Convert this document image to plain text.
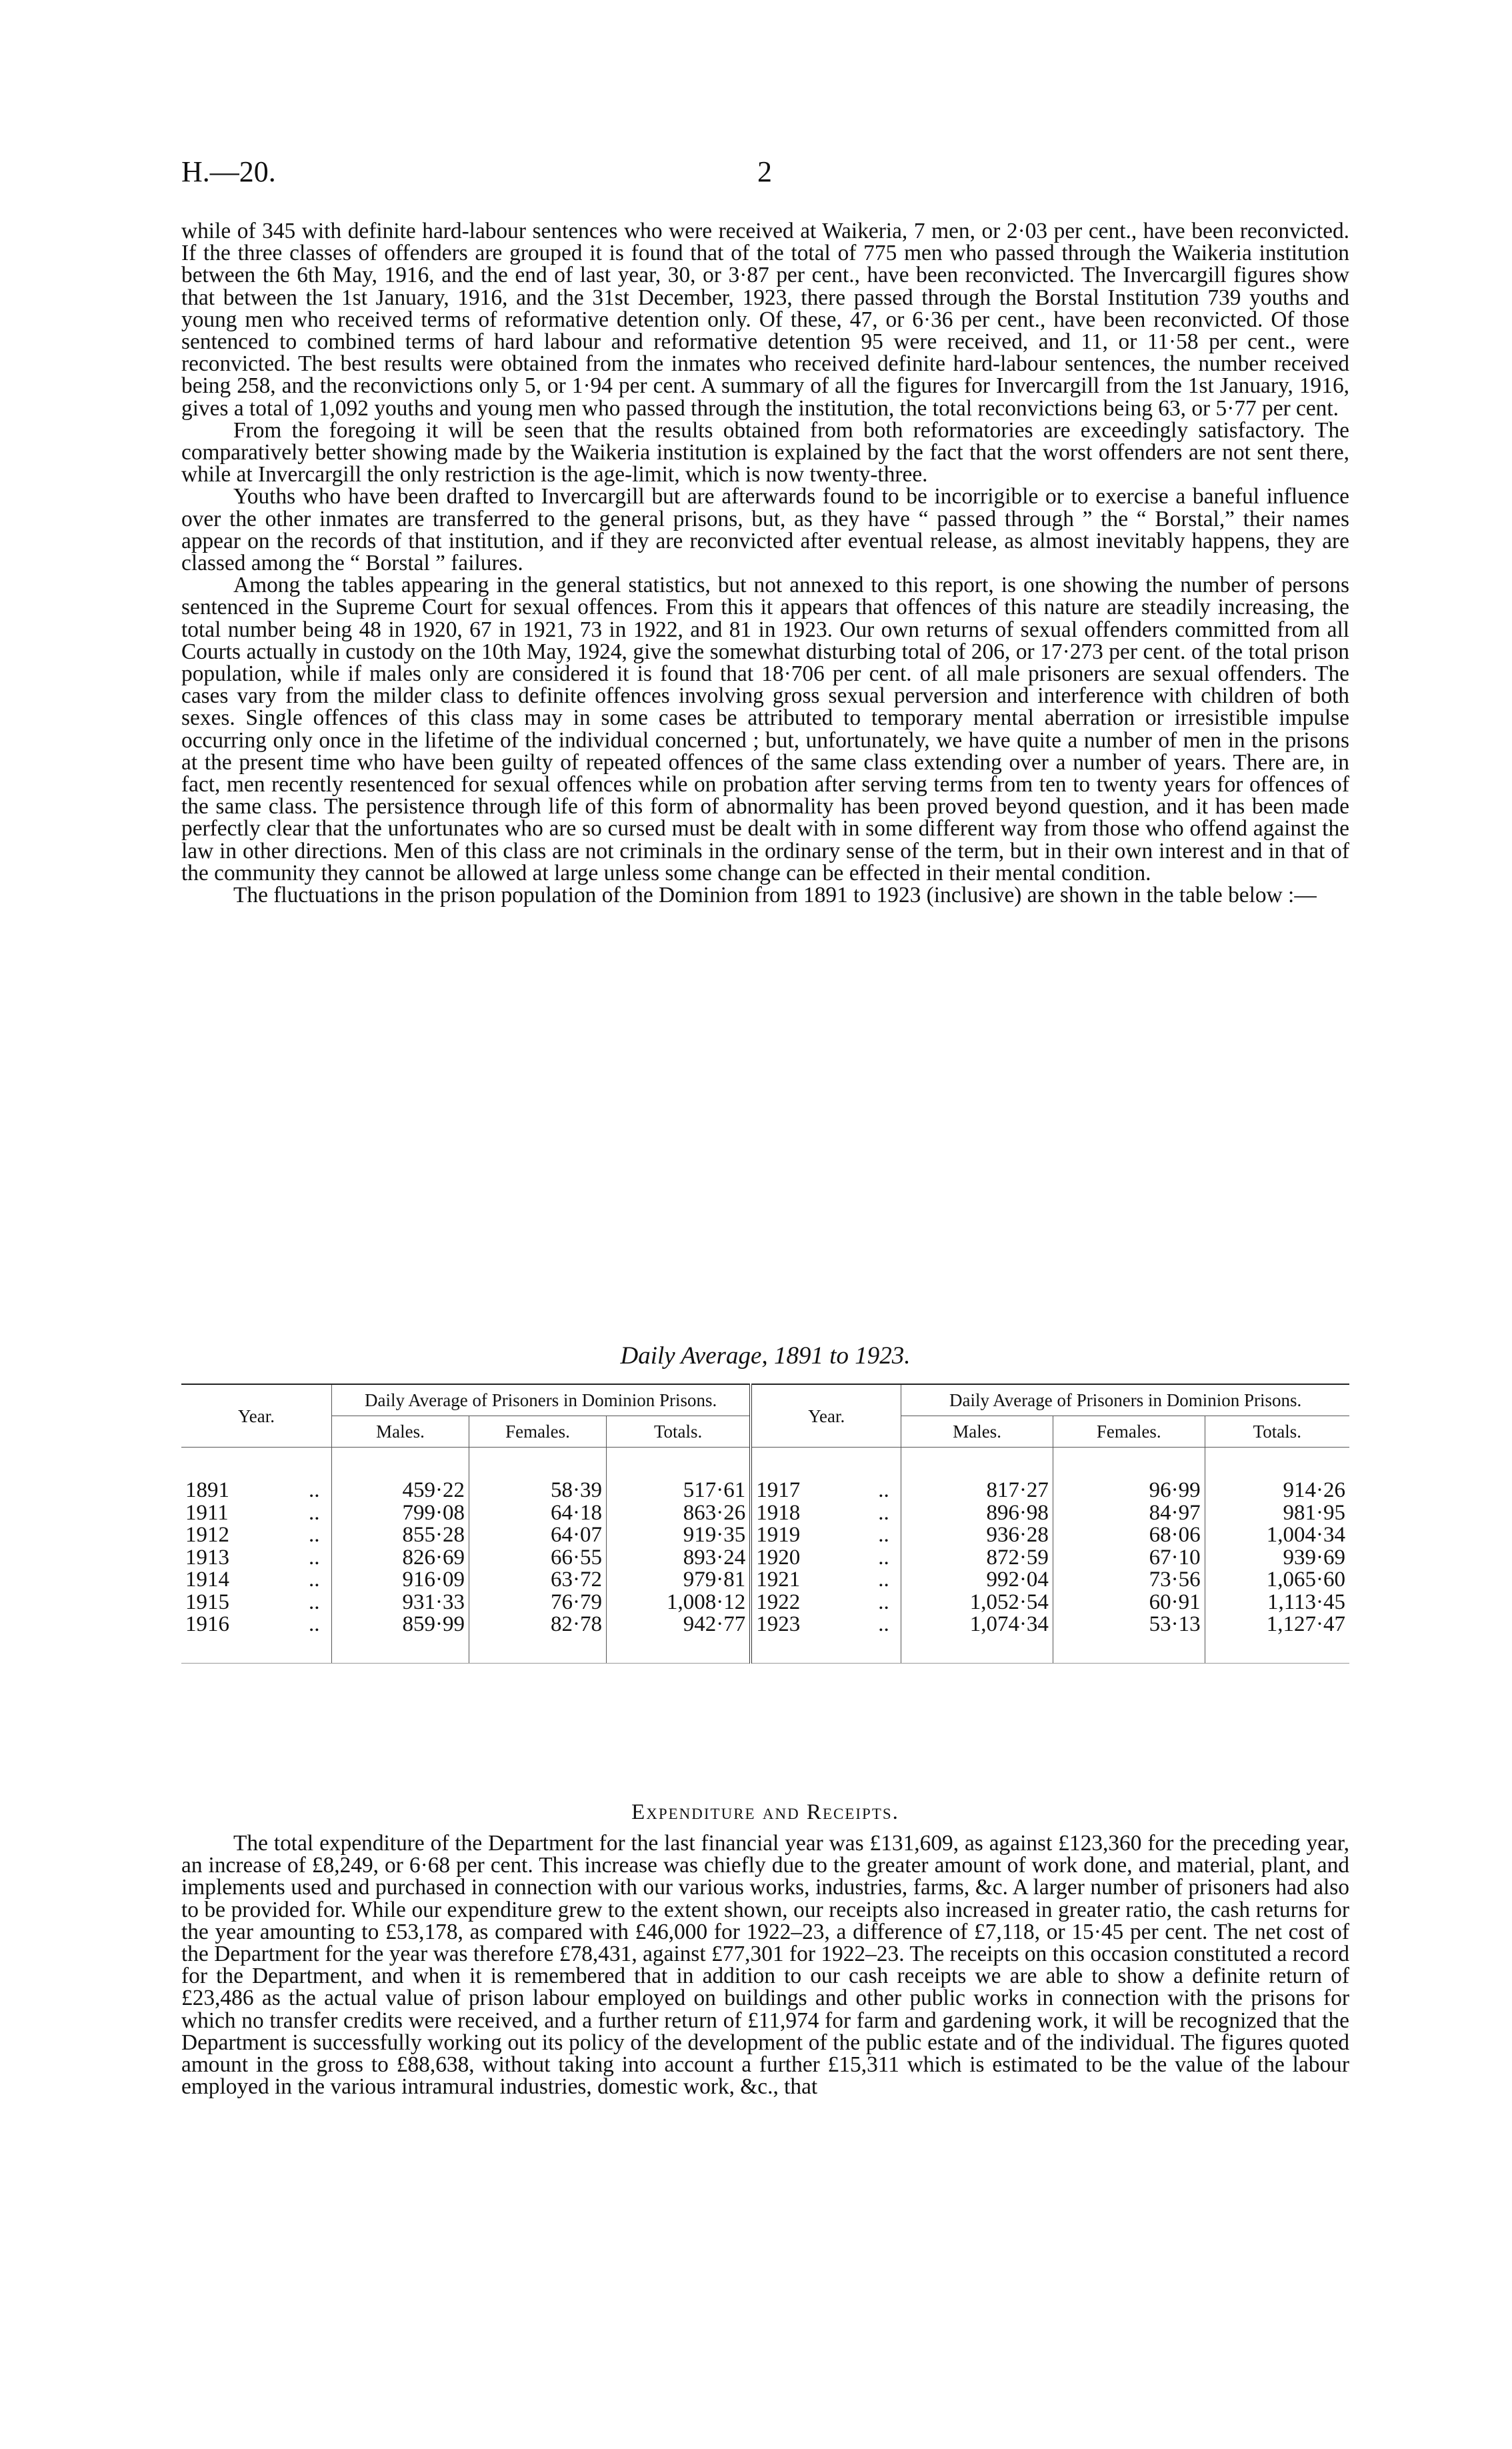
H.—20.	2

while of 345 with definite hard-labour sentences who were received at Waikeria, 7 men, or 2·03 per cent., have been reconvicted. If the three classes of offenders are grouped it is found that of the total of 775 men who passed through the Waikeria institution between the 6th May, 1916, and the end of last year, 30, or 3·87 per cent., have been reconvicted. The Invercargill figures show that between the 1st January, 1916, and the 31st December, 1923, there passed through the Borstal Institution 739 youths and young men who received terms of reformative detention only. Of these, 47, or 6·36 per cent., have been reconvicted. Of those sentenced to combined terms of hard labour and reformative detention 95 were received, and 11, or 11·58 per cent., were reconvicted. The best results were obtained from the inmates who received definite hard-labour sentences, the number received being 258, and the reconvictions only 5, or 1·94 per cent. A summary of all the figures for Invercargill from the 1st January, 1916, gives a total of 1,092 youths and young men who passed through the institution, the total reconvictions being 63, or 5·77 per cent.

From the foregoing it will be seen that the results obtained from both reformatories are exceedingly satisfactory. The comparatively better showing made by the Waikeria institution is explained by the fact that the worst offenders are not sent there, while at Invercargill the only restriction is the age-limit, which is now twenty-three.

Youths who have been drafted to Invercargill but are afterwards found to be incorrigible or to exercise a baneful influence over the other inmates are transferred to the general prisons, but, as they have “ passed through ” the “ Borstal,” their names appear on the records of that institution, and if they are reconvicted after eventual release, as almost inevitably happens, they are classed among the “ Borstal ” failures.

Among the tables appearing in the general statistics, but not annexed to this report, is one showing the number of persons sentenced in the Supreme Court for sexual offences. From this it appears that offences of this nature are steadily increasing, the total number being 48 in 1920, 67 in 1921, 73 in 1922, and 81 in 1923. Our own returns of sexual offenders committed from all Courts actually in custody on the 10th May, 1924, give the somewhat disturbing total of 206, or 17·273 per cent. of the total prison population, while if males only are considered it is found that 18·706 per cent. of all male prisoners are sexual offenders. The cases vary from the milder class to definite offences involving gross sexual perversion and interference with children of both sexes. Single offences of this class may in some cases be attributed to temporary mental aberration or irresistible impulse occurring only once in the lifetime of the individual concerned ; but, unfortunately, we have quite a number of men in the prisons at the present time who have been guilty of repeated offences of the same class extending over a number of years. There are, in fact, men recently resentenced for sexual offences while on probation after serving terms from ten to twenty years for offences of the same class. The persistence through life of this form of abnormality has been proved beyond question, and it has been made perfectly clear that the unfortunates who are so cursed must be dealt with in some different way from those who offend against the law in other directions. Men of this class are not criminals in the ordinary sense of the term, but in their own interest and in that of the community they cannot be allowed at large unless some change can be effected in their mental condition.

The fluctuations in the prison population of the Dominion from 1891 to 1923 (inclusive) are shown in the table below :—

Daily Average, 1891 to 1923.
Year.		Daily Average of Prisoners in Dominion Prisons.			Year.		Daily Average of Prisoners in Dominion Prisons.		
		Males.	Females.	Totals.			Males.	Females.	Totals.

1891	..	459·22	58·39	517·61	1917	..	817·27	96·99	914·26
1911	..	799·08	64·18	863·26	1918	..	896·98	84·97	981·95
1912	..	855·28	64·07	919·35	1919	..	936·28	68·06	1,004·34
1913	..	826·69	66·55	893·24	1920	..	872·59	67·10	939·69
1914	..	916·09	63·72	979·81	1921	..	992·04	73·56	1,065·60
1915	..	931·33	76·79	1,008·12	1922	..	1,052·54	60·91	1,113·45
1916	..	859·99	82·78	942·77	1923	..	1,074·34	53·13	1,127·47

Expenditure and Receipts.

The total expenditure of the Department for the last financial year was £131,609, as against £123,360 for the preceding year, an increase of £8,249, or 6·68 per cent. This increase was chiefly due to the greater amount of work done, and material, plant, and implements used and purchased in connection with our various works, industries, farms, &c. A larger number of prisoners had also to be provided for. While our expenditure grew to the extent shown, our receipts also increased in greater ratio, the cash returns for the year amounting to £53,178, as compared with £46,000 for 1922–23, a difference of £7,118, or 15·45 per cent. The net cost of the Department for the year was therefore £78,431, against £77,301 for 1922–23. The receipts on this occasion constituted a record for the Department, and when it is remembered that in addition to our cash receipts we are able to show a definite return of £23,486 as the actual value of prison labour employed on buildings and other public works in connection with the prisons for which no transfer credits were received, and a further return of £11,974 for farm and gardening work, it will be recognized that the Department is successfully working out its policy of the development of the public estate and of the individual. The figures quoted amount in the gross to £88,638, without taking into account a further £15,311 which is estimated to be the value of the labour employed in the various intramural industries, domestic work, &c., that
